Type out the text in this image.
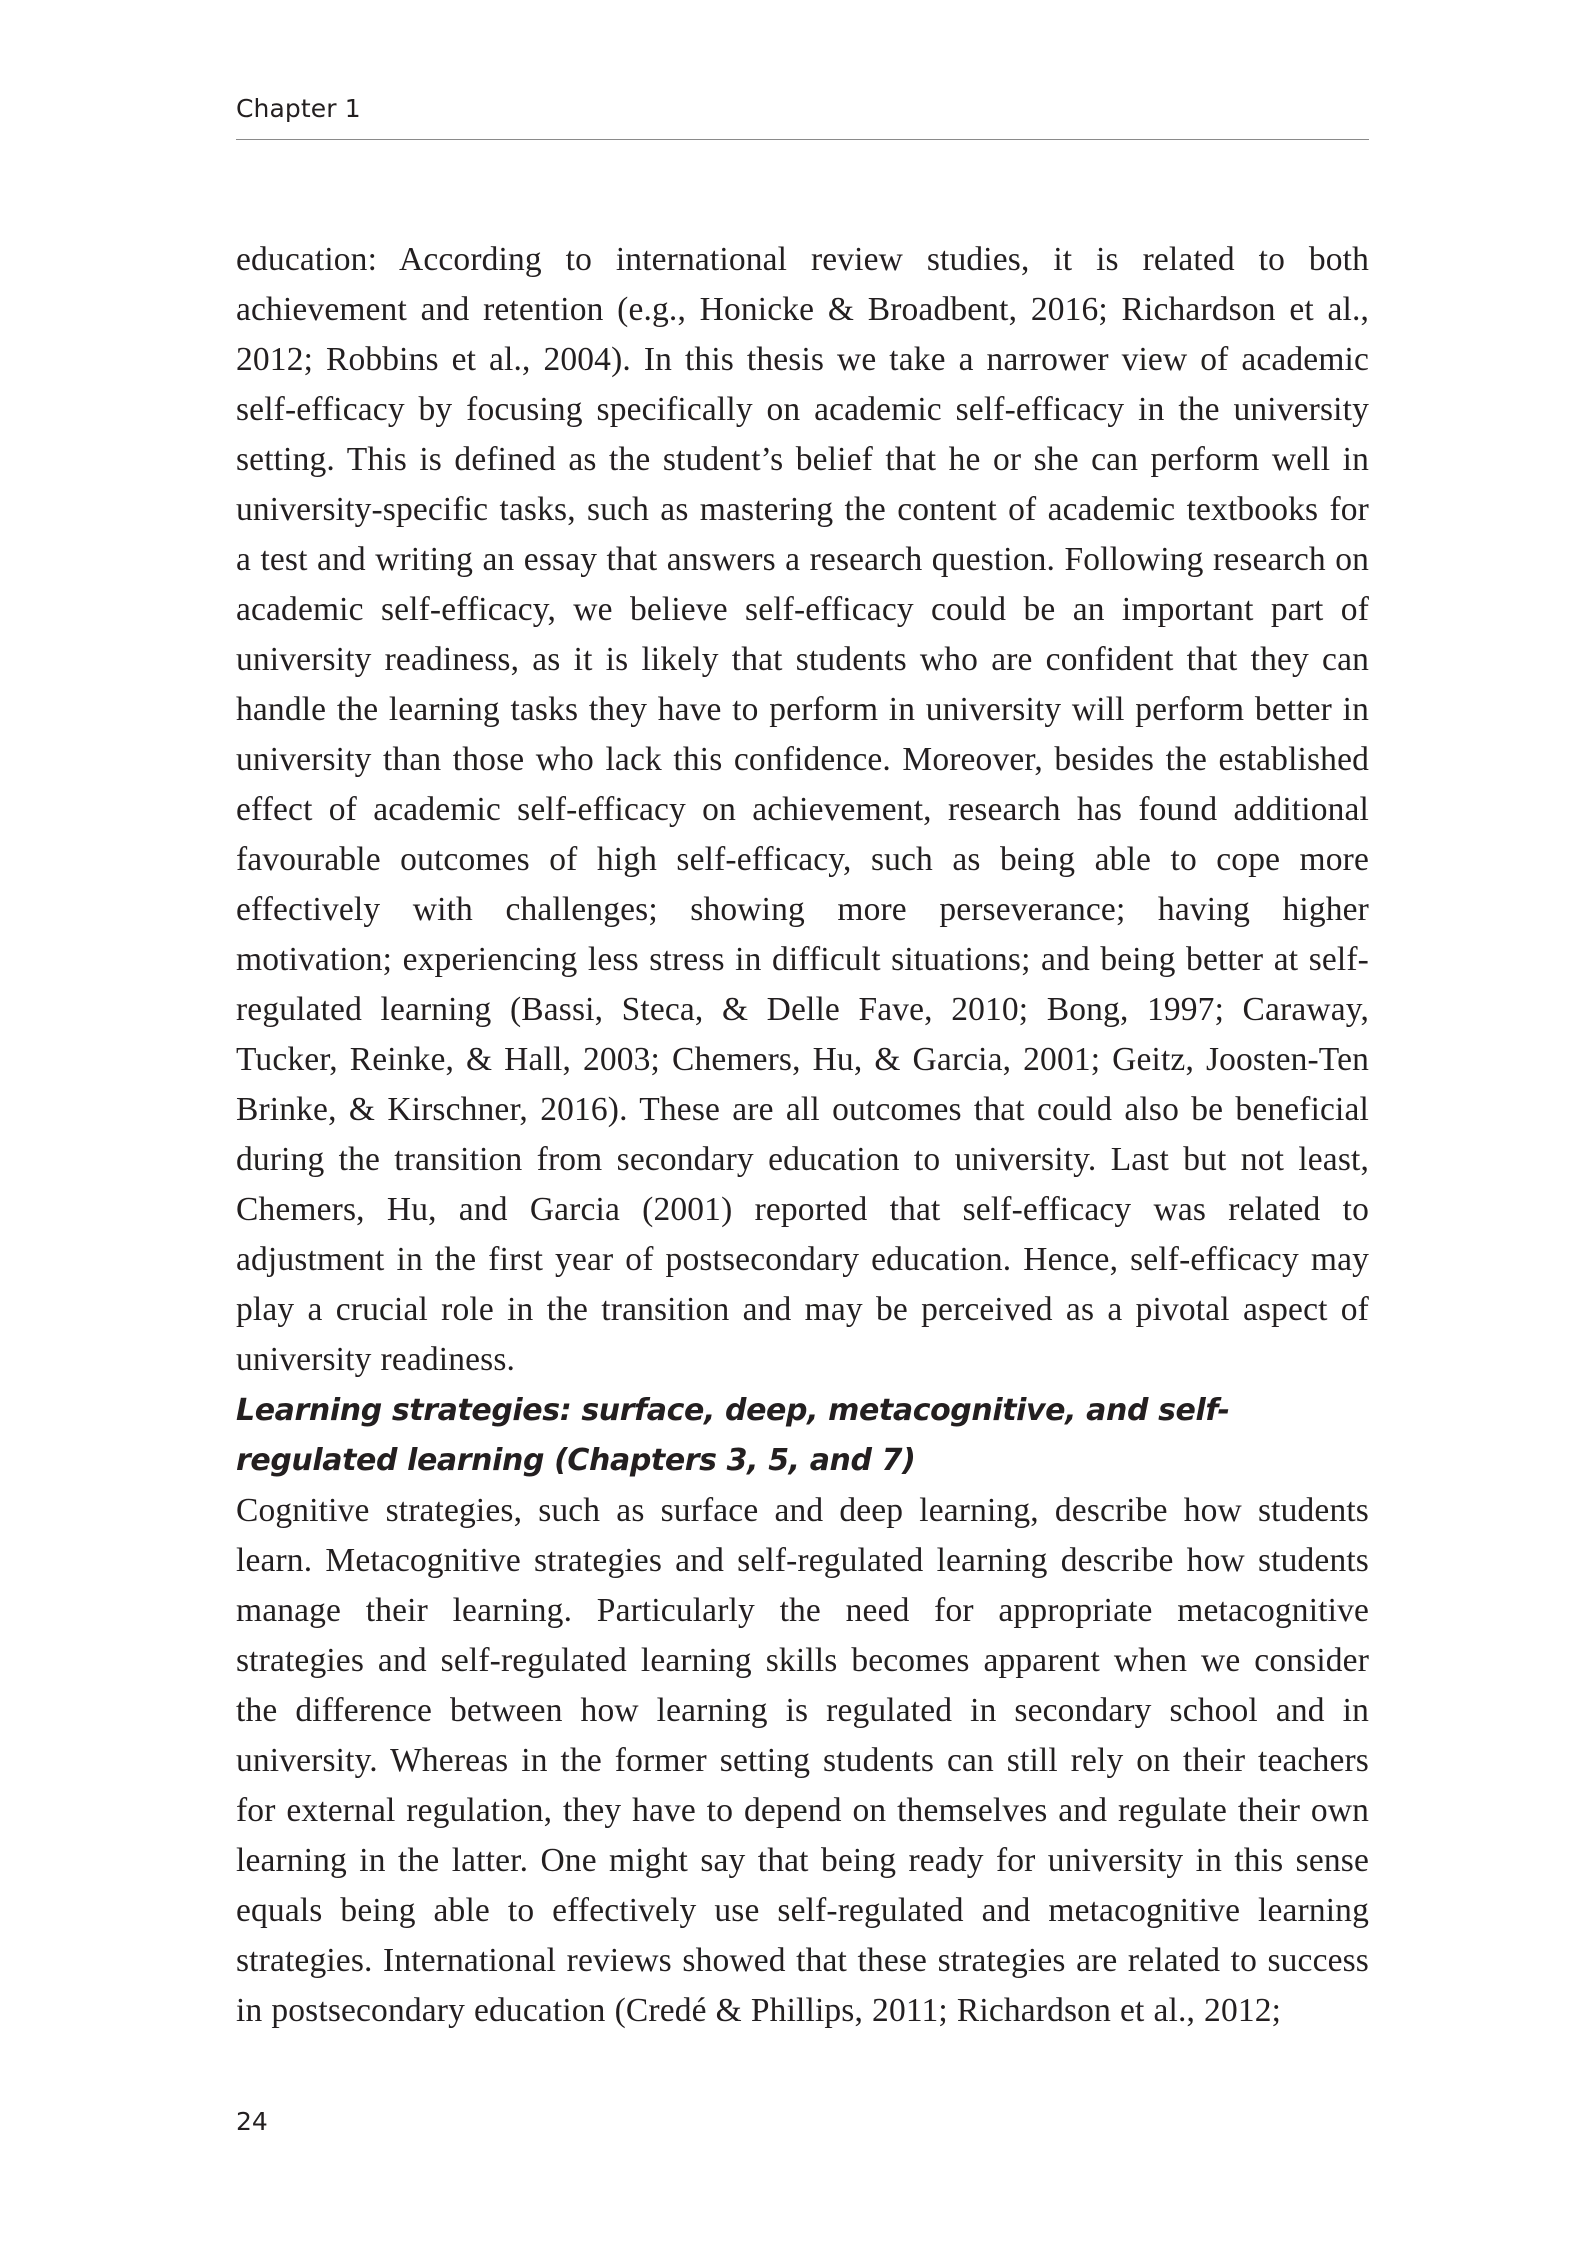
Chapter 1

education: According to international review studies, it is related to both achievement and retention (e.g., Honicke & Broadbent, 2016; Richardson et al., 2012; Robbins et al., 2004). In this thesis we take a narrower view of academic self-efficacy by focusing specifically on academic self-efficacy in the university setting. This is defined as the student’s belief that he or she can perform well in university-specific tasks, such as mastering the content of academic textbooks for a test and writing an essay that answers a research question. Following research on academic self-efficacy, we believe self-efficacy could be an important part of university readiness, as it is likely that students who are confident that they can handle the learning tasks they have to perform in university will perform better in university than those who lack this confidence. Moreover, besides the established effect of academic self-efficacy on achievement, research has found additional favourable outcomes of high self-efficacy, such as being able to cope more effectively with challenges; showing more perseverance; having higher motivation; experiencing less stress in difficult situations; and being better at self-regulated learning (Bassi, Steca, & Delle Fave, 2010; Bong, 1997; Caraway, Tucker, Reinke, & Hall, 2003; Chemers, Hu, & Garcia, 2001; Geitz, Joosten-Ten Brinke, & Kirschner, 2016). These are all outcomes that could also be beneficial during the transition from secondary education to university. Last but not least, Chemers, Hu, and Garcia (2001) reported that self-efficacy was related to adjustment in the first year of postsecondary education. Hence, self-efficacy may play a crucial role in the transition and may be perceived as a pivotal aspect of university readiness.

Learning strategies: surface, deep, metacognitive, and self-regulated learning (Chapters 3, 5, and 7)

Cognitive strategies, such as surface and deep learning, describe how students learn. Metacognitive strategies and self-regulated learning describe how students manage their learning. Particularly the need for appropriate metacognitive strategies and self-regulated learning skills becomes apparent when we consider the difference between how learning is regulated in secondary school and in university. Whereas in the former setting students can still rely on their teachers for external regulation, they have to depend on themselves and regulate their own learning in the latter. One might say that being ready for university in this sense equals being able to effectively use self-regulated and metacognitive learning strategies. International reviews showed that these strategies are related to success in postsecondary education (Credé & Phillips, 2011; Richardson et al., 2012;

24
